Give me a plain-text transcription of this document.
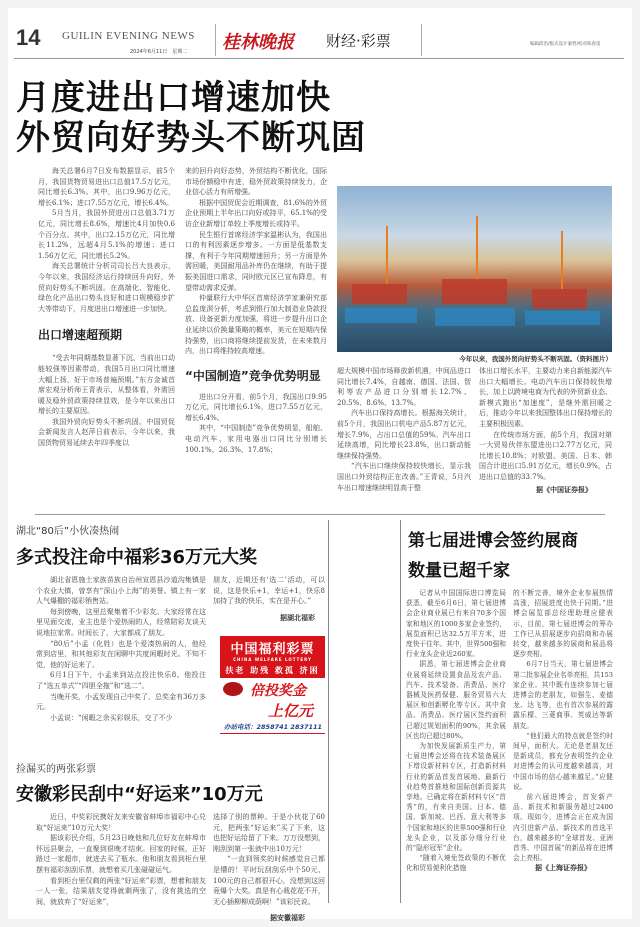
14 GUILIN EVENING NEWS
2024年6月11日　星期二 桂林晚报 财经·彩票	编辑邱浩/版式设计秦哲/校对陈春雷
月度进出口增速加快
外贸向好势头不断巩固

海关总署6月7日发布数据显示，前5个月，我国货物贸易进出口总值17.5万亿元，同比增长6.3%。其中，出口9.96万亿元，增长6.1%；进口7.55万亿元，增长6.4%。

5月当月，我国外贸进出口总值3.71万亿元，同比增长8.6%，增速比4月加快0.6个百分点。其中，出口2.15万亿元，同比增长11.2%，远超4月5.1%的增速；进口1.56万亿元，同比增长5.2%。

海关总署统计分析司司长吕大良表示，今年以来，我国经济运行持续回升向好，外贸向好势头不断巩固。在高端化、智能化、绿色化产品出口势头良好和进口规模稳步扩大等带动下，月度进出口增速进一步加快。

出口增速超预期

“受去年同期基数显著下沉、当前出口动能较强等因素带动，我国5月出口同比增速大幅上扬，好于市场普遍预期。”东方金诚首席宏观分析师王青表示，从整体看，外需回暖及稳外贸政策持续显效，是今年以来出口增长的主要原因。

我国外贸向好势头不断巩固。中国贸促会新闻发言人赵萍日前表示，今年以来，我国货物贸易延续去年四季度以

来的回升向好态势，外贸结构不断优化，国际市场份额稳中有进，稳外贸政策持续发力，企业信心活力有所增强。

根据中国贸促会近期调查，81.6%的外贸企业预期上半年出口向好或持平，65.1%的受访企业新增订单较上季度增长或持平。

民生银行首席经济学家温彬认为，我国出口的有利因素逐步增多。一方面是低基数支撑，有利于今年同期增速回升；另一方面是外需回暖，美国耐用品补库仍在继续，有助于提振美国进口需求，同时欧元区已宣布降息，有望带动需求反弹。

仲量联行大中华区首席经济学家兼研究部总监庞溟分析，考虑到银行加大制造业贷款投放、设备更新力度加强，将进一步提升出口企业延续以价换量策略的概率，美元在短期内保持强势，出口商将继续提前发货，在未来数月内，出口将维持较高增速。

“中国制造”竞争优势明显

进出口分开看，前5个月，我国出口9.95万亿元，同比增长6.1%，进口7.55万亿元，增长6.4%。

其中，“中国制造”竞争优势明显，船舶、电动汽车、家用电器出口同比分别增长100.1%、26.3%、17.8%；

今年以来，我国外贸向好势头不断巩固。（资料图片）

超大规模中国市场释放新机遇，中间品进口同比增长7.4%，自越南、德国、法国、智利等农产品进口分别增长12.7%、20.5%、8.6%、13.7%。

汽车出口保持高增长。根据海关统计，前5个月，我国出口机电产品5.87万亿元，增长7.9%，占出口总值的59%。汽车出口延续高增，同比增长23.8%，出口新动能继续保持强势。

“汽车出口继续保持较快增长，显示我国出口外贸结构正在改善。”王青说，5月汽车出口增速继续明显高于整

体出口增长水平，主要动力来自新能源汽车出口大幅增长。电动汽车出口保持较快增长，加上以跨境电商为代表的外贸新业态、新模式跑出“加速度”，是继外需回暖之后，推动今年以来我国整体出口保持增长的主要积极因素。

在传统市场方面，前5个月，我国对第一大贸易伙伴东盟进出口2.77万亿元，同比增长10.8%；对欧盟、美国、日本、韩国合计进出口5.91万亿元，增长0.9%，占进出口总值的33.7%。

据《中国证券报》
湖北“80后”小伙凑热闹
多式投注命中福彩36万元大奖

湖北省恩施土家族苗族自治州宣恩县沙道沟集镇是个农业大镇，曾享有“深山小上海”的美誉。镇上有一家人气爆棚的福彩销售站。

每到傍晚，这里总聚集着不少彩友。大家经常在这里见面交流，业主也是个爱热闹的人，经常陪彩友谈天说地拉家常。时间长了，大家都成了朋友。

“80后”小孟（化姓）也是个爱凑热闹的人，他经常到店里，和其他彩友在闲聊中共度闲暇时光。不知不觉，他的好运来了。

6月1日下午，小孟来到站点投注快乐8。他投注了“选五单式”“四胆全拖”和“选二”。

当晚开奖，小孟发现自己中奖了，总奖金有36万多元。

小孟说：“闲暇之余买彩娱乐，交了不少

朋友，近期还有‘选二’活动，可以说，这是快乐+1，幸运+1，快乐8加持了我的快乐，实在是开心。”

据湖北福彩
中国福利彩票
CHINA WELFARE LOTTERY
扶老 助残 救孤 济困
倍投奖金
上亿元
办站电话：2858741 2837111
捡漏买的两张彩票
安徽彩民刮中“好运来”10万元

近日，中奖彩民携好友来安徽省蚌埠市福彩中心兑取“好运来”10万元大奖！

据该彩民介绍，5月23日晚他和几位好友在蚌埠市怀远县聚会，一直聚到很晚才结束。回家的时候，正好路过一家超市，就进去买了瓶水。他和朋友看到柜台里摆有福彩刮刮乐票，就想着买几张碰碰运气。

看到柜台里仅剩的两张“好运来”彩票，想着和朋友一人一张，结果朋友觉得就剩两张了，没有挑选的空间，就放弃了“好运来”，

选择了别的票种。于是小伙花了60元，把两张“好运来”买了下来，这也把好运给留了下来。万万没想到，刚刮到第一张就中出10万元！

“一直到领奖的时候感觉自己都是懵的！平时玩刮刮乐中个50元、100元的自己都很开心，没想到这回竟爆个大奖。真是有心栽花花不开，无心插柳柳成荫啊！”该彩民说。

据安徽福彩
第七届进博会签约展商
数量已超千家

记者从中国国际进口博览局获悉，截至6月6日，第七届进博会企业商业展已有来自70多个国家和地区的1000多家企业签约，展览面积已达32.5万平方米，进度快于往年。其中，世界500强和行业龙头企业近260家。

据悉，第七届进博会企业商业展将延续设置食品及农产品、汽车、技术装备、消费品、医疗器械及医药保健、服务贸易六大展区和创新孵化等专区。其中食品、消费品、医疗展区签约面积已超过规划面积的90%，其余展区也均已超过80%。

为加快发展新质生产力，第七届进博会还将在技术装备展区下增设新材料专区，打造新材料行业的新品首发首展地、最新行业趋势首推地和国际创新资源共享地。已确定将在新材料专区“首秀”的，有来自美国、日本、德国、新加坡、巴西、意大利等多个国家和地区的世界500强和行业龙头企业，以及部分细分行业的“隐形冠军”企业。

“随着入境免签政策的不断优化和贸易便利化措施

的不断完善，境外企业参展热情高涨，招展进度也快于同期。”进博会展览部总经理助理应健表示，目前，第七届进博会的筹办工作已从招展逐步向招商和办展转变，越来越多的展商和展品将逐步亮相。

6月7日当天，第七届进博会第二批参展企业名单亮相，共153家企业。其中既有连续参加七届进博会的老朋友，如强生、麦德龙、达飞等，也有首次参展的露露乐檬、三菱商事、英威达等新朋友。

“他们最大的特点就是签约时间早，面积大。无论是老朋友还是新成员，都充分表明签约企业对进博会的认可度越来越高，对中国市场的信心越来越足。”应健说。

前六届进博会，首发新产品、新技术和新服务超过2400项。现如今，进博会正在成为国内引进新产品、新技术的首选平台，越来越多的“全球首发、亚洲首秀、中国首展”的新品将在进博会上亮相。

据《上海证券报》
